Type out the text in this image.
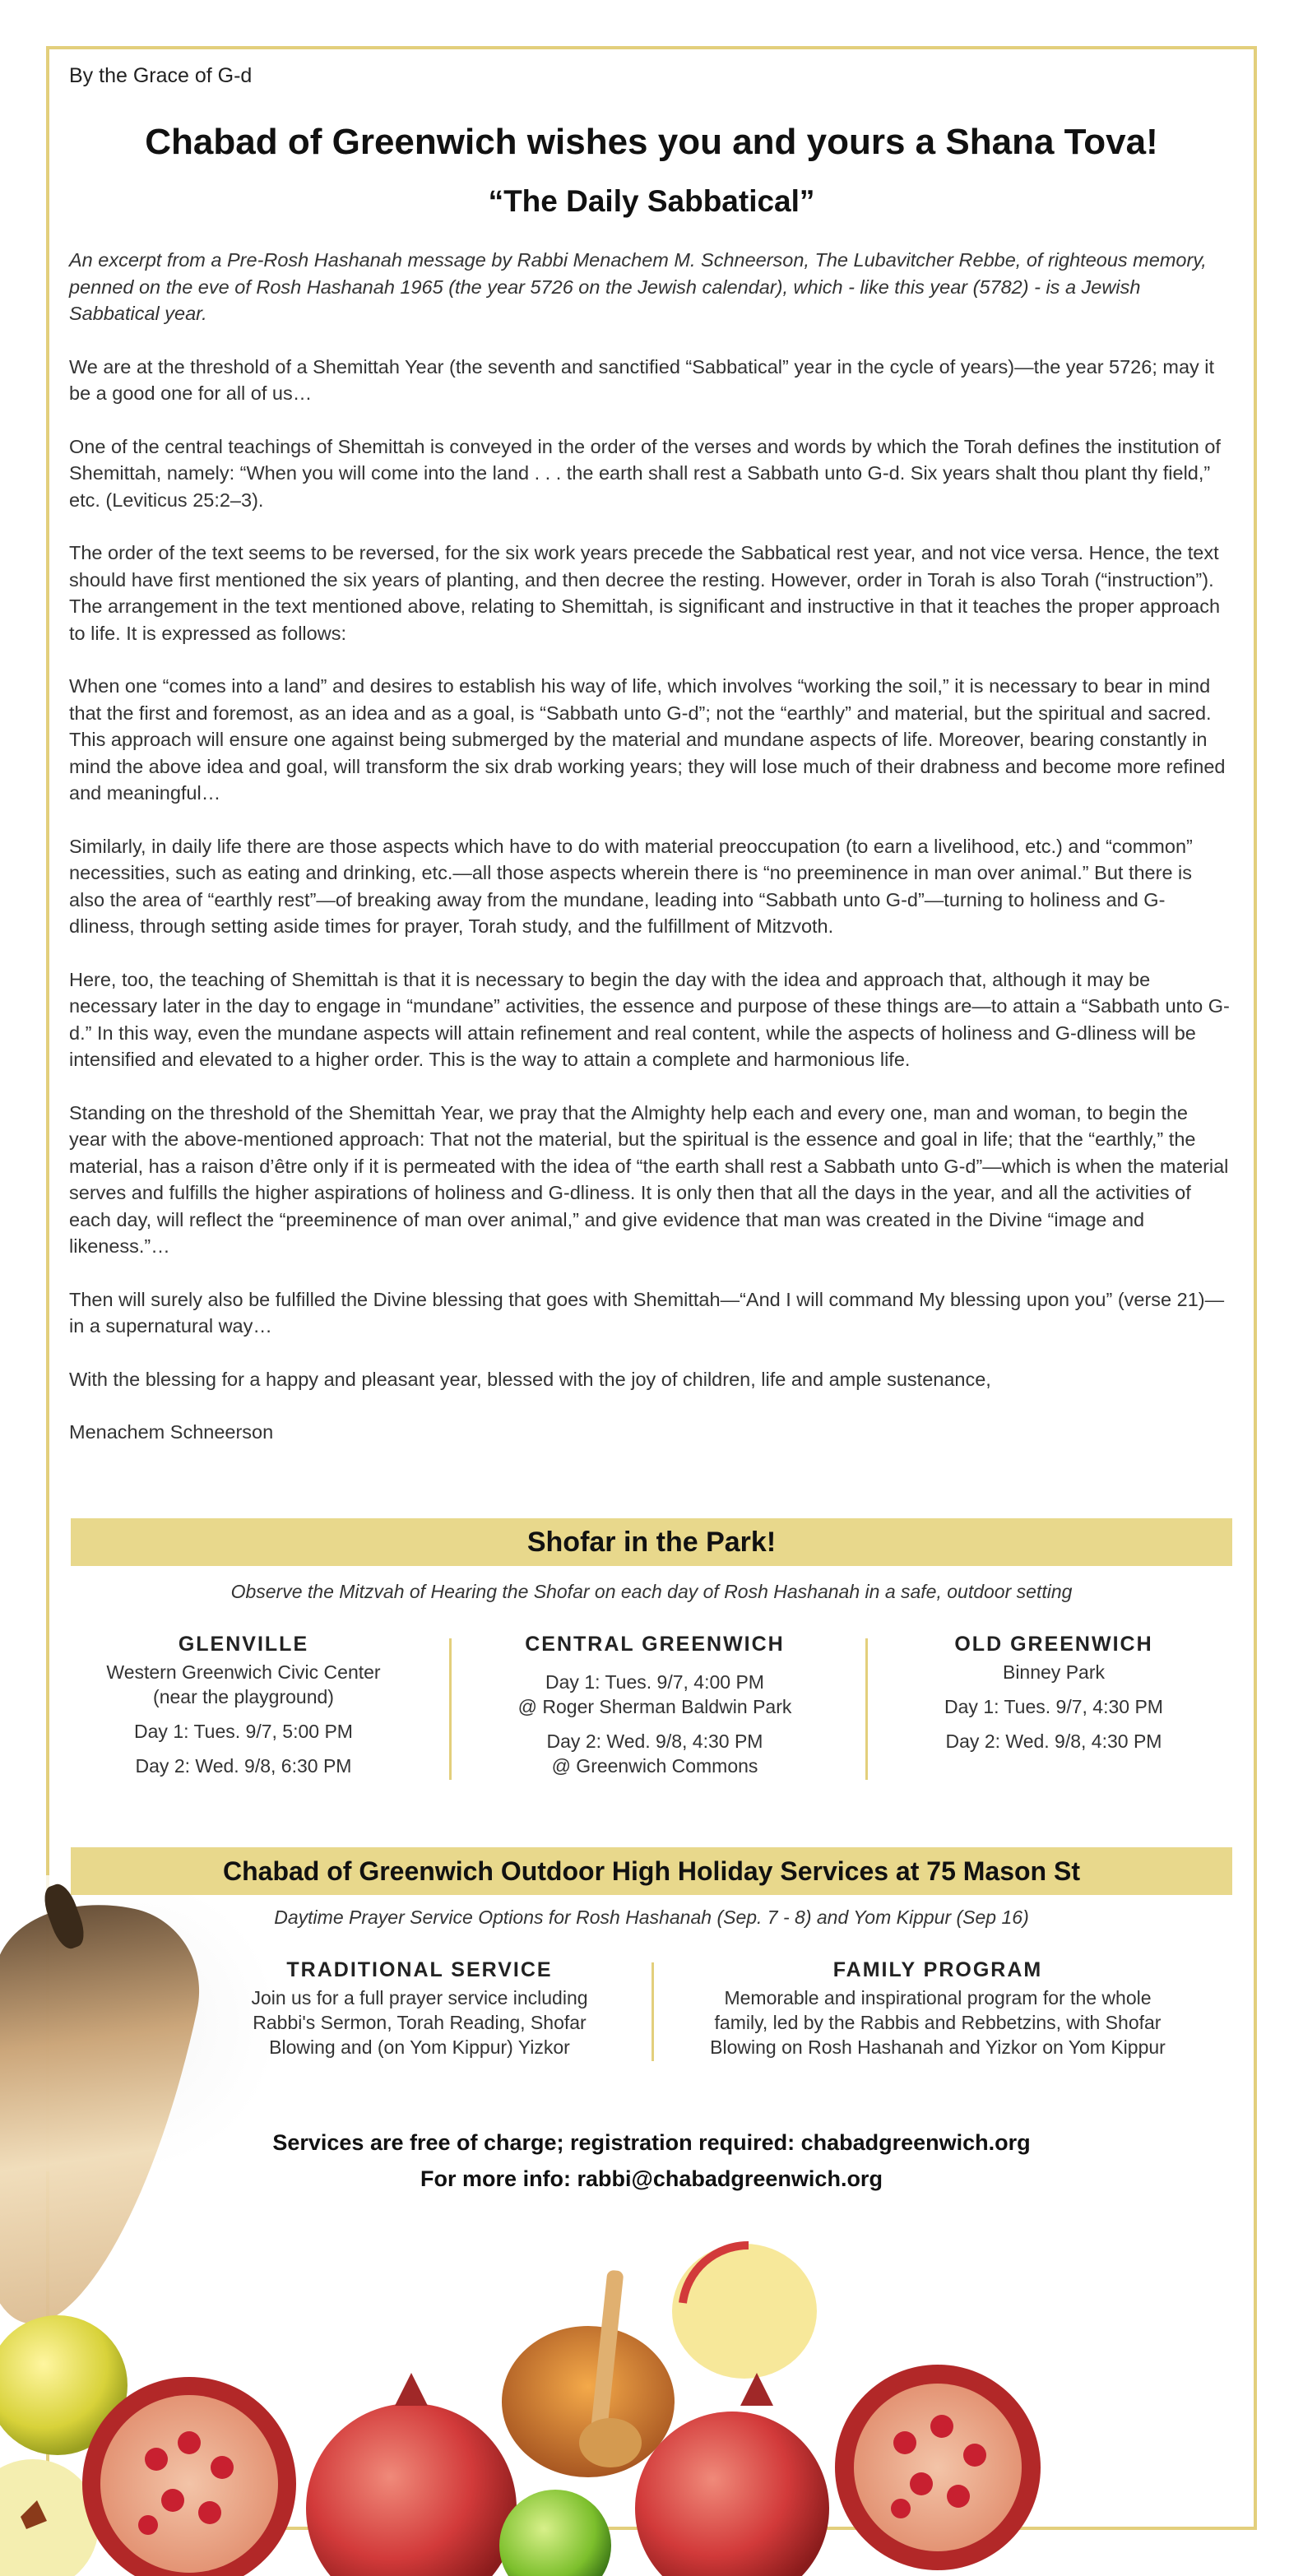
By the Grace of G-d
Chabad of Greenwich wishes you and yours a Shana Tova!
“The Daily Sabbatical”

An excerpt from a Pre-Rosh Hashanah message by Rabbi Menachem M. Schneerson, The Lubavitcher Rebbe, of righteous memory, penned on the eve of Rosh Hashanah 1965 (the year 5726 on the Jewish calendar), which - like this year (5782) - is a Jewish Sabbatical year.

We are at the threshold of a Shemittah Year (the seventh and sanctified “Sabbatical” year in the cycle of years)—the year 5726; may it be a good one for all of us…

One of the central teachings of Shemittah is conveyed in the order of the verses and words by which the Torah defines the institution of Shemittah, namely: “When you will come into the land . . . the earth shall rest a Sabbath unto G-d. Six years shalt thou plant thy field,” etc. (Leviticus 25:2–3).

The order of the text seems to be reversed, for the six work years precede the Sabbatical rest year, and not vice versa. Hence, the text should have first mentioned the six years of planting, and then decree the resting. However, order in Torah is also Torah (“instruction”). The arrangement in the text mentioned above, relating to Shemittah, is significant and instructive in that it teaches the proper approach to life. It is expressed as follows:

When one “comes into a land” and desires to establish his way of life, which involves “working the soil,” it is necessary to bear in mind that the first and foremost, as an idea and as a goal, is “Sabbath unto G-d”; not the “earthly” and material, but the spiritual and sacred. This approach will ensure one against being submerged by the material and mundane aspects of life. Moreover, bearing constantly in mind the above idea and goal, will transform the six drab working years; they will lose much of their drabness and become more refined and meaningful…

Similarly, in daily life there are those aspects which have to do with material preoccupation (to earn a livelihood, etc.) and “common” necessities, such as eating and drinking, etc.—all those aspects wherein there is “no preeminence in man over animal.” But there is also the area of “earthly rest”—of breaking away from the mundane, leading into “Sabbath unto G-d”—turning to holiness and G-dliness, through setting aside times for prayer, Torah study, and the fulfillment of Mitzvoth.

Here, too, the teaching of Shemittah is that it is necessary to begin the day with the idea and approach that, although it may be necessary later in the day to engage in “mundane” activities, the essence and purpose of these things are—to attain a “Sabbath unto G-d.” In this way, even the mundane aspects will attain refinement and real content, while the aspects of holiness and G-dliness will be intensified and elevated to a higher order. This is the way to attain a complete and harmonious life.

Standing on the threshold of the Shemittah Year, we pray that the Almighty help each and every one, man and woman, to begin the year with the above-mentioned approach: That not the material, but the spiritual is the essence and goal in life; that the “earthly,” the material, has a raison d’être only if it is permeated with the idea of “the earth shall rest a Sabbath unto G-d”—which is when the material serves and fulfills the higher aspirations of holiness and G-dliness. It is only then that all the days in the year, and all the activities of each day, will reflect the “preeminence of man over animal,” and give evidence that man was created in the Divine “image and likeness.”…

Then will surely also be fulfilled the Divine blessing that goes with Shemittah—“And I will command My blessing upon you” (verse 21)—in a supernatural way…

With the blessing for a happy and pleasant year, blessed with the joy of children, life and ample sustenance,

Menachem Schneerson

Shofar in the Park!
Observe the Mitzvah of Hearing the Shofar on each day of Rosh Hashanah in a safe, outdoor setting
GLENVILLE
Western Greenwich Civic Center
(near the playground)
Day 1: Tues. 9/7, 5:00 PM
Day 2: Wed. 9/8, 6:30 PM
CENTRAL GREENWICH
Day 1: Tues. 9/7, 4:00 PM
@ Roger Sherman Baldwin Park
Day 2: Wed. 9/8, 4:30 PM
@ Greenwich Commons
OLD GREENWICH
Binney Park
Day 1: Tues. 9/7, 4:30 PM
Day 2: Wed. 9/8, 4:30 PM
Chabad of Greenwich Outdoor High Holiday Services at 75 Mason St
Daytime Prayer Service Options for Rosh Hashanah (Sep. 7 - 8) and Yom Kippur (Sep 16)
TRADITIONAL SERVICE
Join us for a full prayer service including
Rabbi's Sermon, Torah Reading, Shofar
Blowing and (on Yom Kippur) Yizkor
FAMILY PROGRAM
Memorable and inspirational program for the whole
family, led by the Rabbis and Rebbetzins, with Shofar
Blowing on Rosh Hashanah and Yizkor on Yom Kippur
Services are free of charge; registration required: chabadgreenwich.org
For more info: rabbi@chabadgreenwich.org
